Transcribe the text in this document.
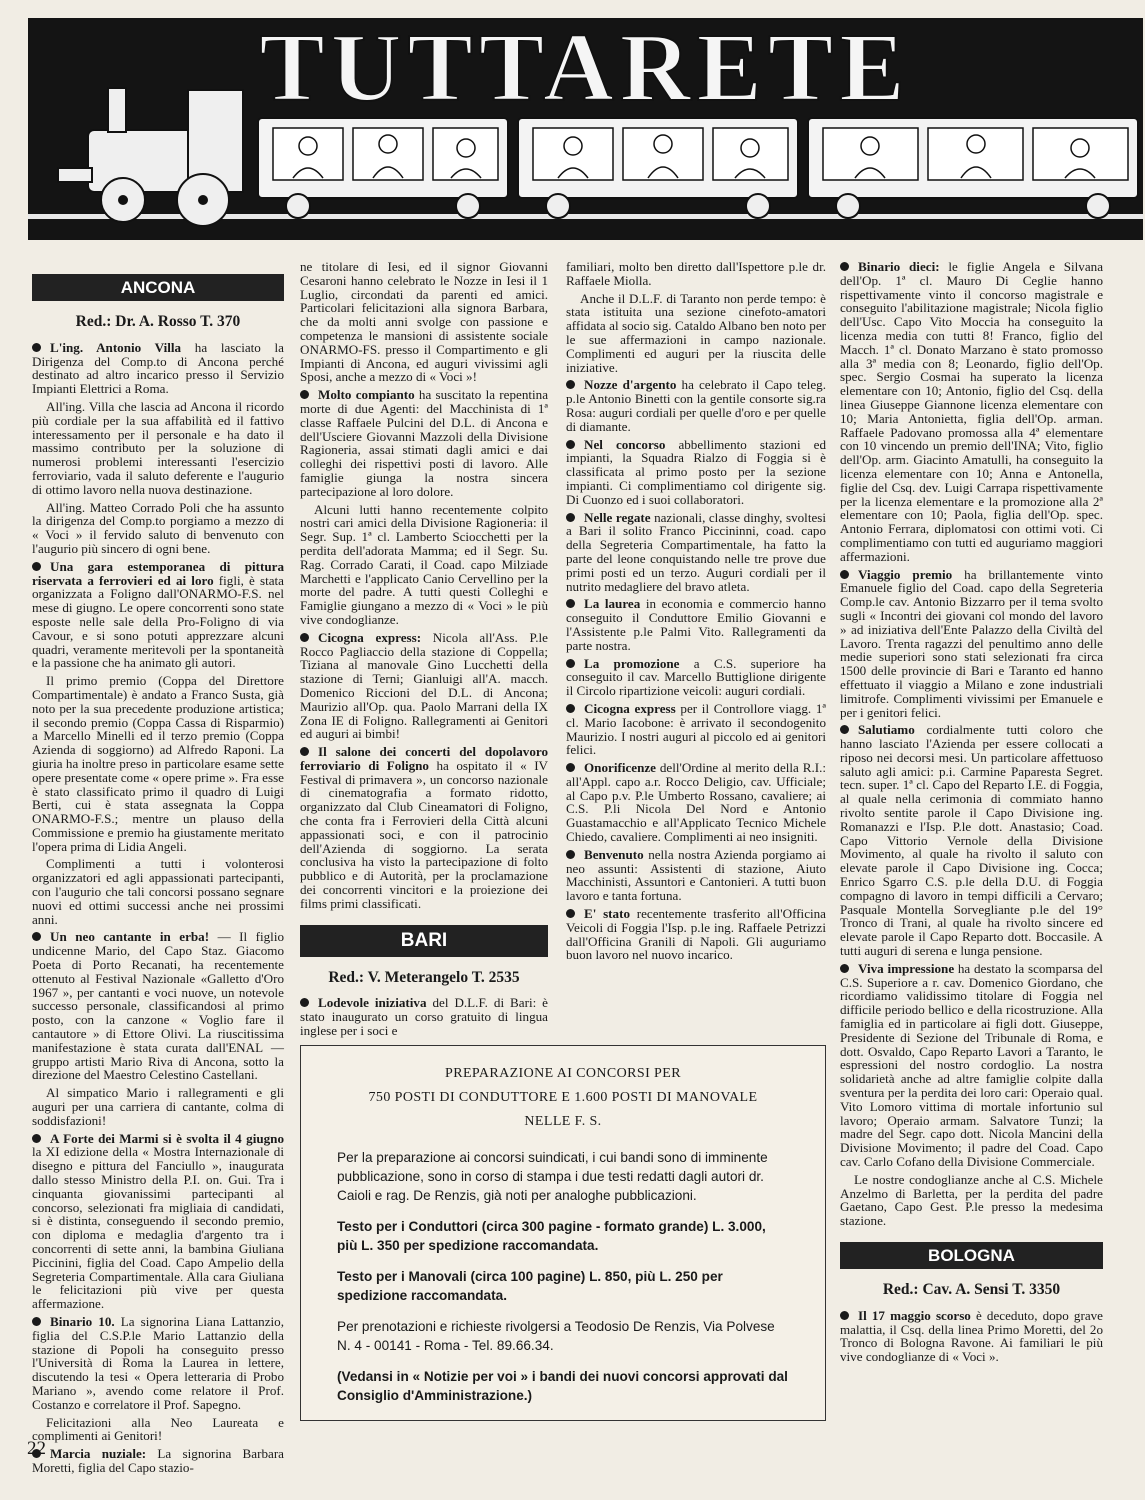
TUTTARETE
ANCONA
Red.: Dr. A. Rosso T. 370

L'ing. Antonio Villa ha lasciato la Dirigenza del Comp.to di Ancona perché destinato ad altro incarico presso il Servizio Impianti Elettrici a Roma.

All'ing. Villa che lascia ad Ancona il ricordo più cordiale per la sua affabilità ed il fattivo interessamento per il personale e ha dato il massimo contributo per la soluzione di numerosi problemi interessanti l'esercizio ferroviario, vada il saluto deferente e l'augurio di ottimo lavoro nella nuova destinazione.

All'ing. Matteo Corrado Poli che ha assunto la dirigenza del Comp.to porgiamo a mezzo di « Voci » il fervido saluto di benvenuto con l'augurio più sincero di ogni bene.

Una gara estemporanea di pittura riservata a ferrovieri ed ai loro figli, è stata organizzata a Foligno dall'ONARMO-F.S. nel mese di giugno. Le opere concorrenti sono state esposte nelle sale della Pro-Foligno di via Cavour, e si sono potuti apprezzare alcuni quadri, veramente meritevoli per la spontaneità e la passione che ha animato gli autori.

Il primo premio (Coppa del Direttore Compartimentale) è andato a Franco Susta, già noto per la sua precedente produzione artistica; il secondo premio (Coppa Cassa di Risparmio) a Marcello Minelli ed il terzo premio (Coppa Azienda di soggiorno) ad Alfredo Raponi. La giuria ha inoltre preso in particolare esame sette opere presentate come « opere prime ». Fra esse è stato classificato primo il quadro di Luigi Berti, cui è stata assegnata la Coppa ONARMO-F.S.; mentre un plauso della Commissione e premio ha giustamente meritato l'opera prima di Lidia Angeli.

Complimenti a tutti i volonterosi organizzatori ed agli appassionati partecipanti, con l'augurio che tali concorsi possano segnare nuovi ed ottimi successi anche nei prossimi anni.

Un neo cantante in erba! — Il figlio undicenne Mario, del Capo Staz. Giacomo Poeta di Porto Recanati, ha recentemente ottenuto al Festival Nazionale «Galletto d'Oro 1967 », per cantanti e voci nuove, un notevole successo personale, classificandosi al primo posto, con la canzone « Voglio fare il cantautore » di Ettore Olivi. La riuscitissima manifestazione è stata curata dall'ENAL — gruppo artisti Mario Riva di Ancona, sotto la direzione del Maestro Celestino Castellani.

Al simpatico Mario i rallegramenti e gli auguri per una carriera di cantante, colma di soddisfazioni!

A Forte dei Marmi si è svolta il 4 giugno la XI edizione della « Mostra Internazionale di disegno e pittura del Fanciullo », inaugurata dallo stesso Ministro della P.I. on. Gui. Tra i cinquanta giovanissimi partecipanti al concorso, selezionati fra migliaia di candidati, si è distinta, conseguendo il secondo premio, con diploma e medaglia d'argento tra i concorrenti di sette anni, la bambina Giuliana Piccinini, figlia del Coad. Capo Ampelio della Segreteria Compartimentale. Alla cara Giuliana le felicitazioni più vive per questa affermazione.

Binario 10. La signorina Liana Lattanzio, figlia del C.S.P.le Mario Lattanzio della stazione di Popoli ha conseguito presso l'Università di Roma la Laurea in lettere, discutendo la tesi « Opera letteraria di Probo Mariano », avendo come relatore il Prof. Costanzo e correlatore il Prof. Sapegno.

Felicitazioni alla Neo Laureata e complimenti ai Genitori!

Marcia nuziale: La signorina Barbara Moretti, figlia del Capo stazio-

ne titolare di Iesi, ed il signor Giovanni Cesaroni hanno celebrato le Nozze in Iesi il 1 Luglio, circondati da parenti ed amici. Particolari felicitazioni alla signora Barbara, che da molti anni svolge con passione e competenza le mansioni di assistente sociale ONARMO-FS. presso il Compartimento e gli Impianti di Ancona, ed auguri vivissimi agli Sposi, anche a mezzo di « Voci »!

Molto compianto ha suscitato la repentina morte di due Agenti: del Macchinista di 1ª classe Raffaele Pulcini del D.L. di Ancona e dell'Usciere Giovanni Mazzoli della Divisione Ragioneria, assai stimati dagli amici e dai colleghi dei rispettivi posti di lavoro. Alle famiglie giunga la nostra sincera partecipazione al loro dolore.

Alcuni lutti hanno recentemente colpito nostri cari amici della Divisione Ragioneria: il Segr. Sup. 1ª cl. Lamberto Sciocchetti per la perdita dell'adorata Mamma; ed il Segr. Su. Rag. Corrado Carati, il Coad. capo Milziade Marchetti e l'applicato Canio Cervellino per la morte del padre. A tutti questi Colleghi e Famiglie giungano a mezzo di « Voci » le più vive condoglianze.

Cicogna express: Nicola all'Ass. P.le Rocco Pagliaccio della stazione di Coppella; Tiziana al manovale Gino Lucchetti della stazione di Terni; Gianluigi all'A. macch. Domenico Riccioni del D.L. di Ancona; Maurizio all'Op. qua. Paolo Marrani della IX Zona IE di Foligno. Rallegramenti ai Genitori ed auguri ai bimbi!

Il salone dei concerti del dopolavoro ferroviario di Foligno ha ospitato il « IV Festival di primavera », un concorso nazionale di cinematografia a formato ridotto, organizzato dal Club Cineamatori di Foligno, che conta fra i Ferrovieri della Città alcuni appassionati soci, e con il patrocinio dell'Azienda di soggiorno. La serata conclusiva ha visto la partecipazione di folto pubblico e di Autorità, per la proclamazione dei concorrenti vincitori e la proiezione dei films primi classificati.

BARI
Red.: V. Meterangelo T. 2535

Lodevole iniziativa del D.L.F. di Bari: è stato inaugurato un corso gratuito di lingua inglese per i soci e

familiari, molto ben diretto dall'Ispettore p.le dr. Raffaele Miolla.

Anche il D.L.F. di Taranto non perde tempo: è stata istituita una sezione cinefoto-amatori affidata al socio sig. Cataldo Albano ben noto per le sue affermazioni in campo nazionale. Complimenti ed auguri per la riuscita delle iniziative.

Nozze d'argento ha celebrato il Capo teleg. p.le Antonio Binetti con la gentile consorte sig.ra Rosa: auguri cordiali per quelle d'oro e per quelle di diamante.

Nel concorso abbellimento stazioni ed impianti, la Squadra Rialzo di Foggia si è classificata al primo posto per la sezione impianti. Ci complimentiamo col dirigente sig. Di Cuonzo ed i suoi collaboratori.

Nelle regate nazionali, classe dinghy, svoltesi a Bari il solito Franco Piccininni, coad. capo della Segreteria Compartimentale, ha fatto la parte del leone conquistando nelle tre prove due primi posti ed un terzo. Auguri cordiali per il nutrito medagliere del bravo atleta.

La laurea in economia e commercio hanno conseguito il Conduttore Emilio Giovanni e l'Assistente p.le Palmi Vito. Rallegramenti da parte nostra.

La promozione a C.S. superiore ha conseguito il cav. Marcello Buttiglione dirigente il Circolo ripartizione veicoli: auguri cordiali.

Cicogna express per il Controllore viagg. 1ª cl. Mario Iacobone: è arrivato il secondogenito Maurizio. I nostri auguri al piccolo ed ai genitori felici.

Onorificenze dell'Ordine al merito della R.I.: all'Appl. capo a.r. Rocco Deligio, cav. Ufficiale; al Capo p.v. P.le Umberto Rossano, cavaliere; ai C.S. P.li Nicola Del Nord e Antonio Guastamacchio e all'Applicato Tecnico Michele Chiedo, cavaliere. Complimenti ai neo insigniti.

Benvenuto nella nostra Azienda porgiamo ai neo assunti: Assistenti di stazione, Aiuto Macchinisti, Assuntori e Cantonieri. A tutti buon lavoro e tanta fortuna.

E' stato recentemente trasferito all'Officina Veicoli di Foggia l'Isp. p.le ing. Raffaele Petrizzi dall'Officina Granili di Napoli. Gli auguriamo buon lavoro nel nuovo incarico.

Binario dieci: le figlie Angela e Silvana dell'Op. 1ª cl. Mauro Di Ceglie hanno rispettivamente vinto il concorso magistrale e conseguito l'abilitazione magistrale; Nicola figlio dell'Usc. Capo Vito Moccia ha conseguito la licenza media con tutti 8! Franco, figlio del Macch. 1ª cl. Donato Marzano è stato promosso alla 3ª media con 8; Leonardo, figlio dell'Op. spec. Sergio Cosmai ha superato la licenza elementare con 10; Antonio, figlio del Csq. della linea Giuseppe Giannone licenza elementare con 10; Maria Antonietta, figlia dell'Op. arman. Raffaele Padovano promossa alla 4ª elementare con 10 vincendo un premio dell'INA; Vito, figlio dell'Op. arm. Giacinto Amatulli, ha conseguito la licenza elementare con 10; Anna e Antonella, figlie del Csq. dev. Luigi Carrapa rispettivamente per la licenza elementare e la promozione alla 2ª elementare con 10; Paola, figlia dell'Op. spec. Antonio Ferrara, diplomatosi con ottimi voti. Ci complimentiamo con tutti ed auguriamo maggiori affermazioni.

Viaggio premio ha brillantemente vinto Emanuele figlio del Coad. capo della Segreteria Comp.le cav. Antonio Bizzarro per il tema svolto sugli « Incontri dei giovani col mondo del lavoro » ad iniziativa dell'Ente Palazzo della Civiltà del Lavoro. Trenta ragazzi del penultimo anno delle medie superiori sono stati selezionati fra circa 1500 delle provincie di Bari e Taranto ed hanno effettuato il viaggio a Milano e zone industriali limitrofe. Complimenti vivissimi per Emanuele e per i genitori felici.

Salutiamo cordialmente tutti coloro che hanno lasciato l'Azienda per essere collocati a riposo nei decorsi mesi. Un particolare affettuoso saluto agli amici: p.i. Carmine Paparesta Segret. tecn. super. 1ª cl. Capo del Reparto I.E. di Foggia, al quale nella cerimonia di commiato hanno rivolto sentite parole il Capo Divisione ing. Romanazzi e l'Isp. P.le dott. Anastasio; Coad. Capo Vittorio Vernole della Divisione Movimento, al quale ha rivolto il saluto con elevate parole il Capo Divisione ing. Cocca; Enrico Sgarro C.S. p.le della D.U. di Foggia compagno di lavoro in tempi difficili a Cervaro; Pasquale Montella Sorvegliante p.le del 19° Tronco di Trani, al quale ha rivolto sincere ed elevate parole il Capo Reparto dott. Boccasile. A tutti auguri di serena e lunga pensione.

Viva impressione ha destato la scomparsa del C.S. Superiore a r. cav. Domenico Giordano, che ricordiamo validissimo titolare di Foggia nel difficile periodo bellico e della ricostruzione. Alla famiglia ed in particolare ai figli dott. Giuseppe, Presidente di Sezione del Tribunale di Roma, e dott. Osvaldo, Capo Reparto Lavori a Taranto, le espressioni del nostro cordoglio. La nostra solidarietà anche ad altre famiglie colpite dalla sventura per la perdita dei loro cari: Operaio qual. Vito Lomoro vittima di mortale infortunio sul lavoro; Operaio armam. Salvatore Tunzi; la madre del Segr. capo dott. Nicola Mancini della Divisione Movimento; il padre del Coad. Capo cav. Carlo Cofano della Divisione Commerciale.

Le nostre condoglianze anche al C.S. Michele Anzelmo di Barletta, per la perdita del padre Gaetano, Capo Gest. P.le presso la medesima stazione.

BOLOGNA
Red.: Cav. A. Sensi T. 3350

Il 17 maggio scorso è deceduto, dopo grave malattia, il Csq. della linea Primo Moretti, del 2o Tronco di Bologna Ravone. Ai familiari le più vive condoglianze di « Voci ».

PREPARAZIONE AI CONCORSI PER
750 POSTI DI CONDUTTORE E 1.600 POSTI DI MANOVALE
NELLE F. S.

Per la preparazione ai concorsi suindicati, i cui bandi sono di imminente pubblicazione, sono in corso di stampa i due testi redatti dagli autori dr. Caioli e rag. De Renzis, già noti per analoghe pubblicazioni.

Testo per i Conduttori (circa 300 pagine - formato grande) L. 3.000, più L. 350 per spedizione raccomandata.

Testo per i Manovali (circa 100 pagine) L. 850, più L. 250 per spedizione raccomandata.

Per prenotazioni e richieste rivolgersi a Teodosio De Renzis, Via Polvese N. 4 - 00141 - Roma - Tel. 89.66.34.

(Vedansi in « Notizie per voi » i bandi dei nuovi concorsi approvati dal Consiglio d'Amministrazione.)

22
